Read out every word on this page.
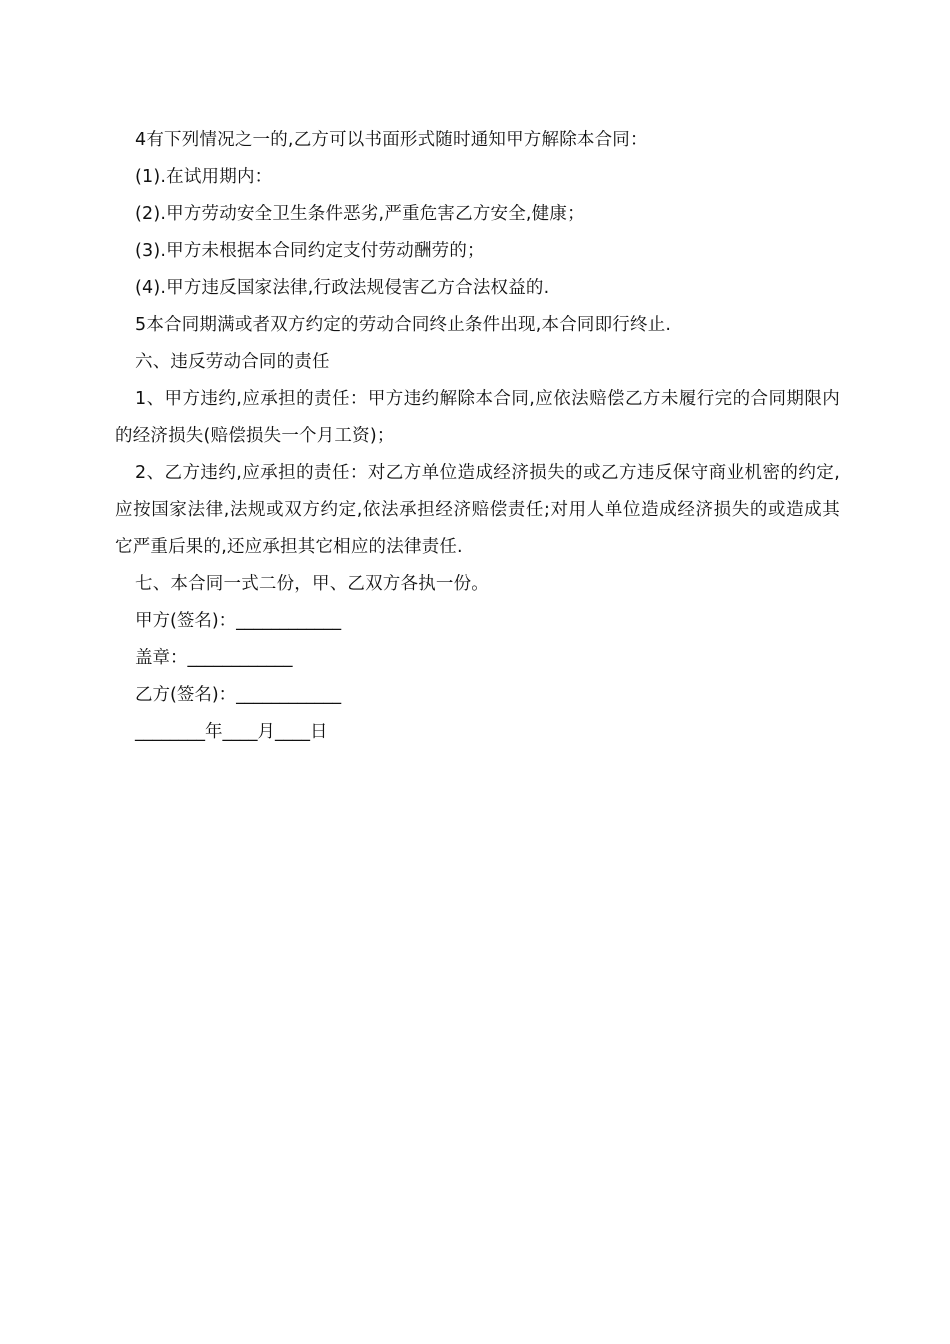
4有下列情况之一的,乙方可以书面形式随时通知甲方解除本合同：

(1).在试用期内：

(2).甲方劳动安全卫生条件恶劣,严重危害乙方安全,健康；

(3).甲方未根据本合同约定支付劳动酬劳的；

(4).甲方违反国家法律,行政法规侵害乙方合法权益的.

5本合同期满或者双方约定的劳动合同终止条件出现,本合同即行终止.

六、违反劳动合同的责任

1、甲方违约,应承担的责任：甲方违约解除本合同,应依法赔偿乙方未履行完的合同期限内的经济损失(赔偿损失一个月工资)；

2、乙方违约,应承担的责任：对乙方单位造成经济损失的或乙方违反保守商业机密的约定,应按国家法律,法规或双方约定,依法承担经济赔偿责任;对用人单位造成经济损失的或造成其它严重后果的,还应承担其它相应的法律责任.

七、本合同一式二份，甲、乙双方各执一份。

甲方(签名)：____________

盖章：____________

乙方(签名)：____________

________年____月____日
